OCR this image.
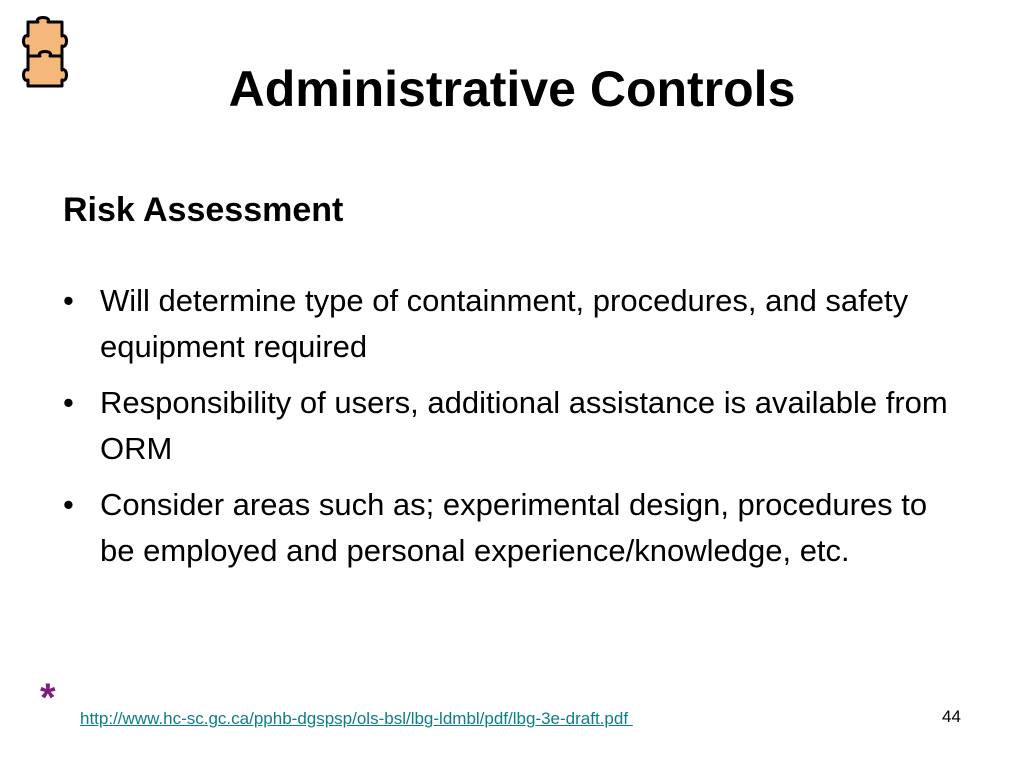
Administrative Controls
Risk Assessment
• Will determine type of containment, procedures, and safety equipment required
• Responsibility of users, additional assistance is available from ORM
• Consider areas such as; experimental design, procedures to be employed and personal experience/knowledge, etc.
* http://www.hc-sc.gc.ca/pphb-dgspsp/ols-bsl/lbg-ldmbl/pdf/lbg-3e-draft.pdf	44
